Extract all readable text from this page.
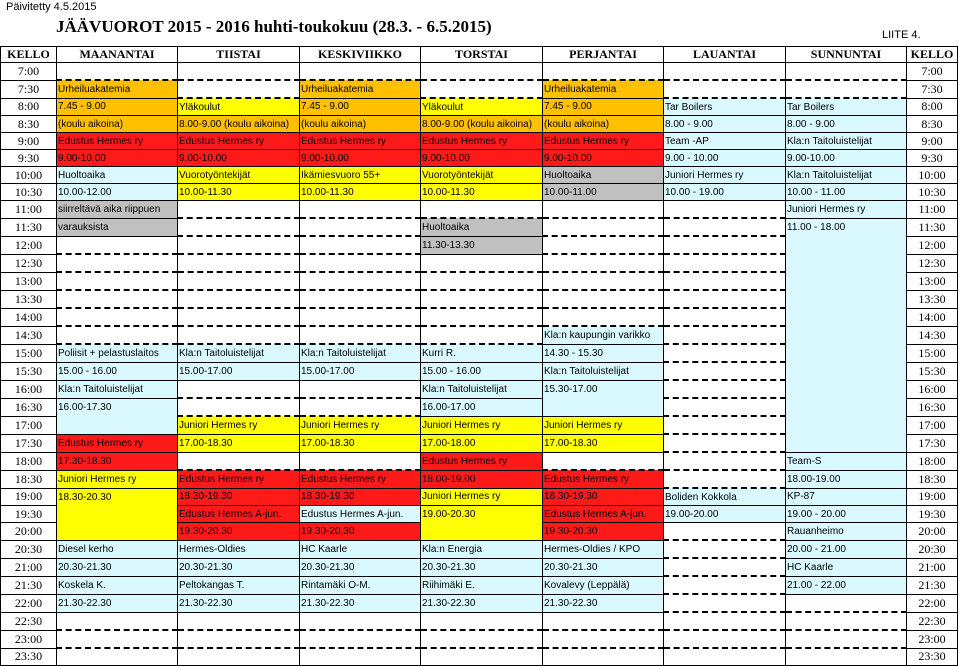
Päivitetty 4.5.2015
JÄÄVUOROT 2015 - 2016 huhti-toukokuu (28.3. - 6.5.2015)	LIITE 4.
KELLO	MAANANTAI	TIISTAI	KESKIVIIKKO	TORSTAI	PERJANTAI	LAUANTAI	SUNNUNTAI	KELLO
7:00								7:00
7:30	Urheiluakatemia		Urheiluakatemia		Urheiluakatemia			7:30
8:00	7.45 - 9.00	Yläkoulut	7.45 - 9.00	Yläkoulut	7.45 - 9.00	Tar Boilers	Tar Boilers	8:00
8:30	(koulu aikoina)	8.00-9.00 (koulu aikoina)	(koulu aikoina)	8.00-9.00 (koulu aikoina)	(koulu aikoina)	8.00 - 9.00	8.00 - 9.00	8:30
9:00	Edustus Hermes ry	Edustus Hermes ry	Edustus Hermes ry	Edustus Hermes ry	Edustus Hermes ry	Team -AP	Kla:n Taitoluistelijat	9:00
9:30	9.00-10.00	9.00-10.00	9.00-10.00	9.00-10.00	9.00-10.00	9.00 - 10.00	9.00-10.00	9:30
10:00	Huoltoaika	Vuorotyöntekijät	Ikämiesvuoro 55+	Vuorotyöntekijät	Huoltoaika	Juniori Hermes ry	Kla:n Taitoluistelijat	10:00
10:30	10.00-12.00	10.00-11.30	10.00-11.30	10.00-11.30	10.00-11.00	10.00 - 19.00	10.00 - 11.00	10:30
11:00	siirreltävä aika riippuen						Juniori Hermes ry	11:00
11:30	varauksista			Huoltoaika			11.00 - 18.00	11:30
12:00				11.30-13.30				12:00
12:30								12:30
13:00								13:00
13:30								13:30
14:00								14:00
14:30					Kla:n kaupungin varikko			14:30
15:00	Poliisit + pelastuslaitos	Kla:n Taitoluistelijat	Kla:n Taitoluistelijat	Kurri R.	14.30 - 15.30			15:00
15:30	15.00 - 16.00	15.00-17.00	15.00-17.00	15.00 - 16.00	Kla:n Taitoluistelijat			15:30
16:00	Kla:n Taitoluistelijat			Kla:n Taitoluistelijat	15.30-17.00			16:00
16:30	16.00-17.30			16.00-17.00				16:30
17:00		Juniori Hermes ry	Juniori Hermes ry	Juniori Hermes ry	Juniori Hermes ry			17:00
17:30	Edustus Hermes ry	17.00-18.30	17.00-18.30	17.00-18.00	17.00-18.30			17:30
18:00	17.30-18.30			Edustus Hermes ry			Team-S	18:00
18:30	Juniori Hermes ry	Edustus Hermes ry	Edustus Hermes ry	18.00-19.00	Edustus Hermes ry		18.00-19.00	18:30
19:00	18.30-20.30	18.30-19.30	18.30-19.30	Juniori Hermes ry	18.30-19.30	Boliden Kokkola	KP-87	19:00
19:30		Edustus Hermes A-jun.	Edustus Hermes A-jun.	19.00-20.30	Edustus Hermes A-jun.	19.00-20.00	19.00 - 20.00	19:30
20:00		19.30-20.30	19.30-20.30		19.30-20.30		Rauanheimo	20:00
20:30	Diesel kerho	Hermes-Oldies	HC Kaarle	Kla:n Energia	Hermes-Oldies / KPO		20.00 - 21.00	20:30
21:00	20.30-21.30	20.30-21.30	20.30-21.30	20.30-21.30	20.30-21.30		HC Kaarle	21:00
21:30	Koskela K.	Peltokangas T.	Rintamäki O-M.	Riihimäki E.	Kovalevy (Leppälä)		21.00 - 22.00	21:30
22:00	21.30-22.30	21.30-22.30	21.30-22.30	21.30-22.30	21.30-22.30			22:00
22:30								22:30
23:00								23:00
23:30								23:30
